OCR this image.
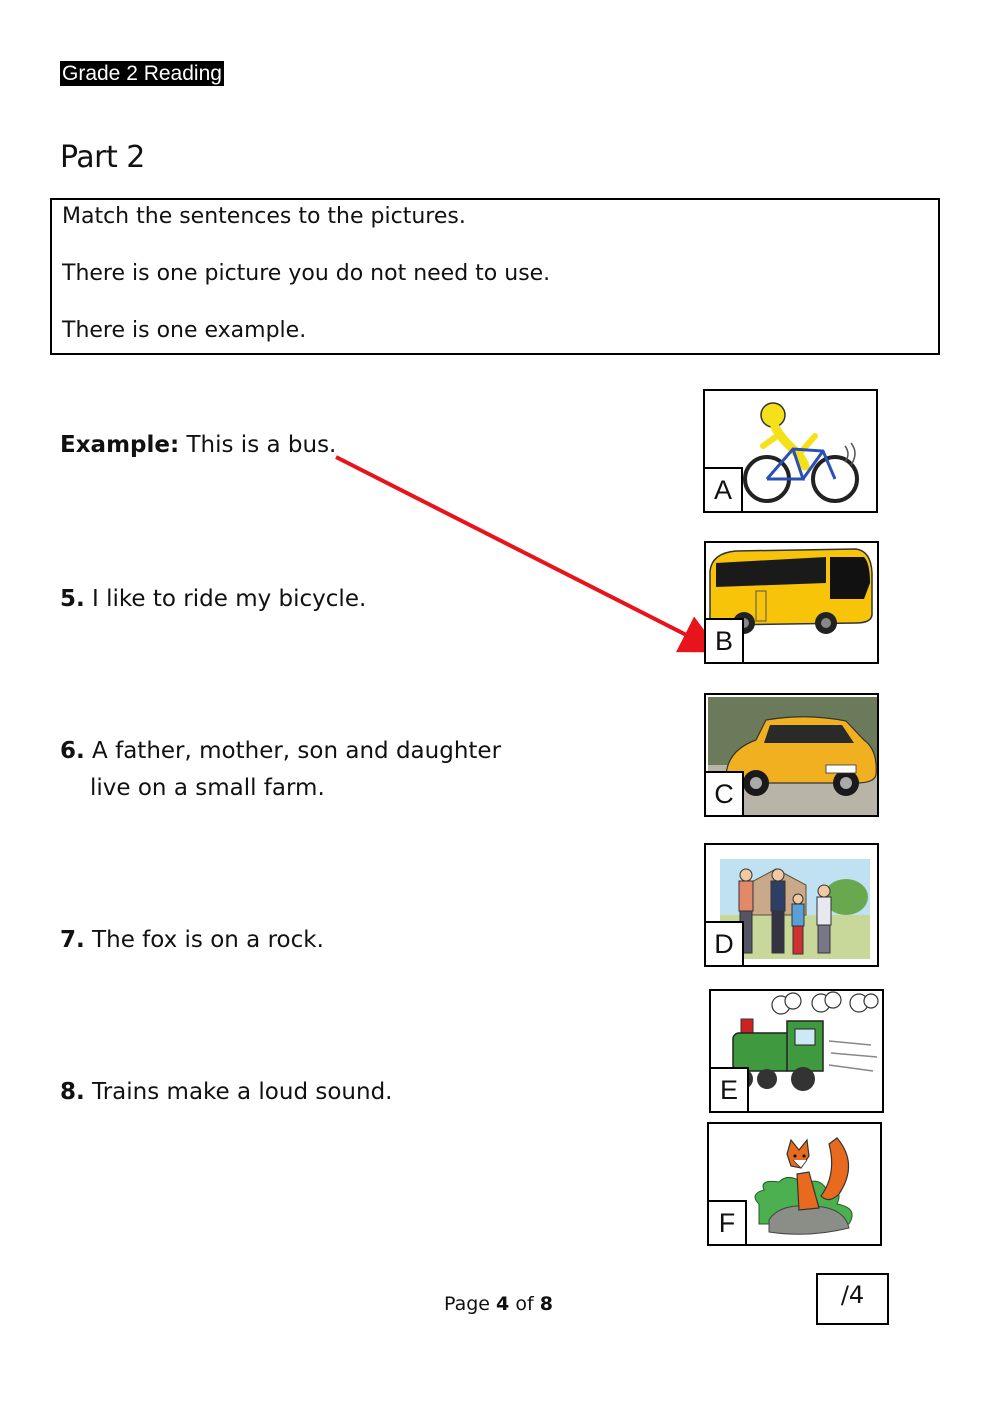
Grade 2 Reading
Part 2
Match the sentences to the pictures.
There is one picture you do not need to use.
There is one example.
Example: This is a bus.
5. I like to ride my bicycle.
6. A father, mother, son and daughter
live on a small farm.
7. The fox is on a rock.
8. Trains make a loud sound.
A
B
C
D
E
F
Page 4 of 8	/4
